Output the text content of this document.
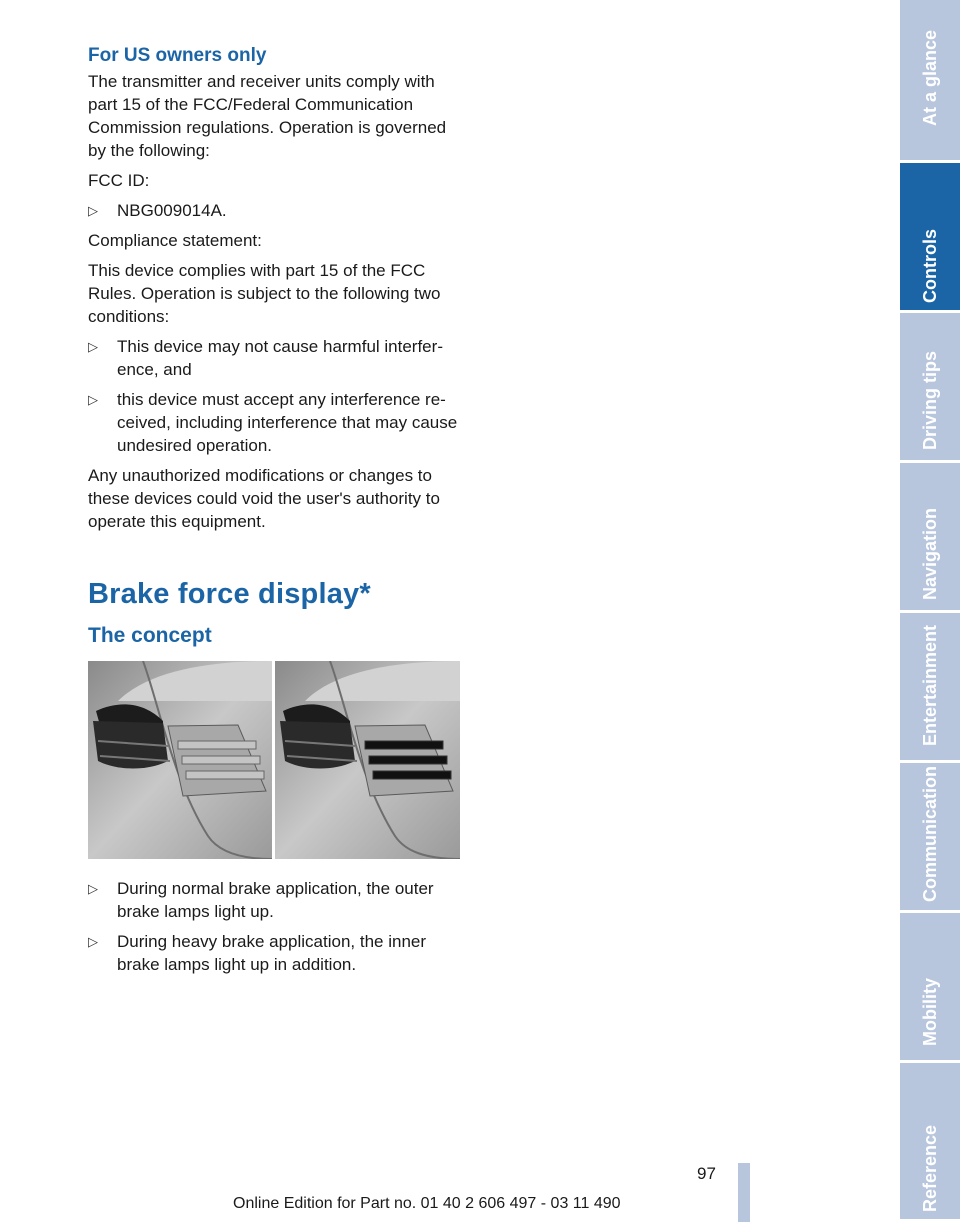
For US owners only

The transmitter and receiver units comply with part 15 of the FCC/Federal Communication Commission regulations. Operation is governed by the following:

FCC ID:

▷ NBG009014A.

Compliance statement:

This device complies with part 15 of the FCC Rules. Operation is subject to the following two conditions:

▷ This device may not cause harmful interference, and
▷ this device must accept any interference received, including interference that may cause undesired operation.

Any unauthorized modifications or changes to these devices could void the user's authority to operate this equipment.

Brake force display*
The concept
▷ During normal brake application, the outer brake lamps light up.
▷ During heavy brake application, the inner brake lamps light up in addition.
At a glance
Controls
Driving tips
Navigation
Entertainment
Communication
Mobility
Reference
97
Online Edition for Part no. 01 40 2 606 497 - 03 11 490
